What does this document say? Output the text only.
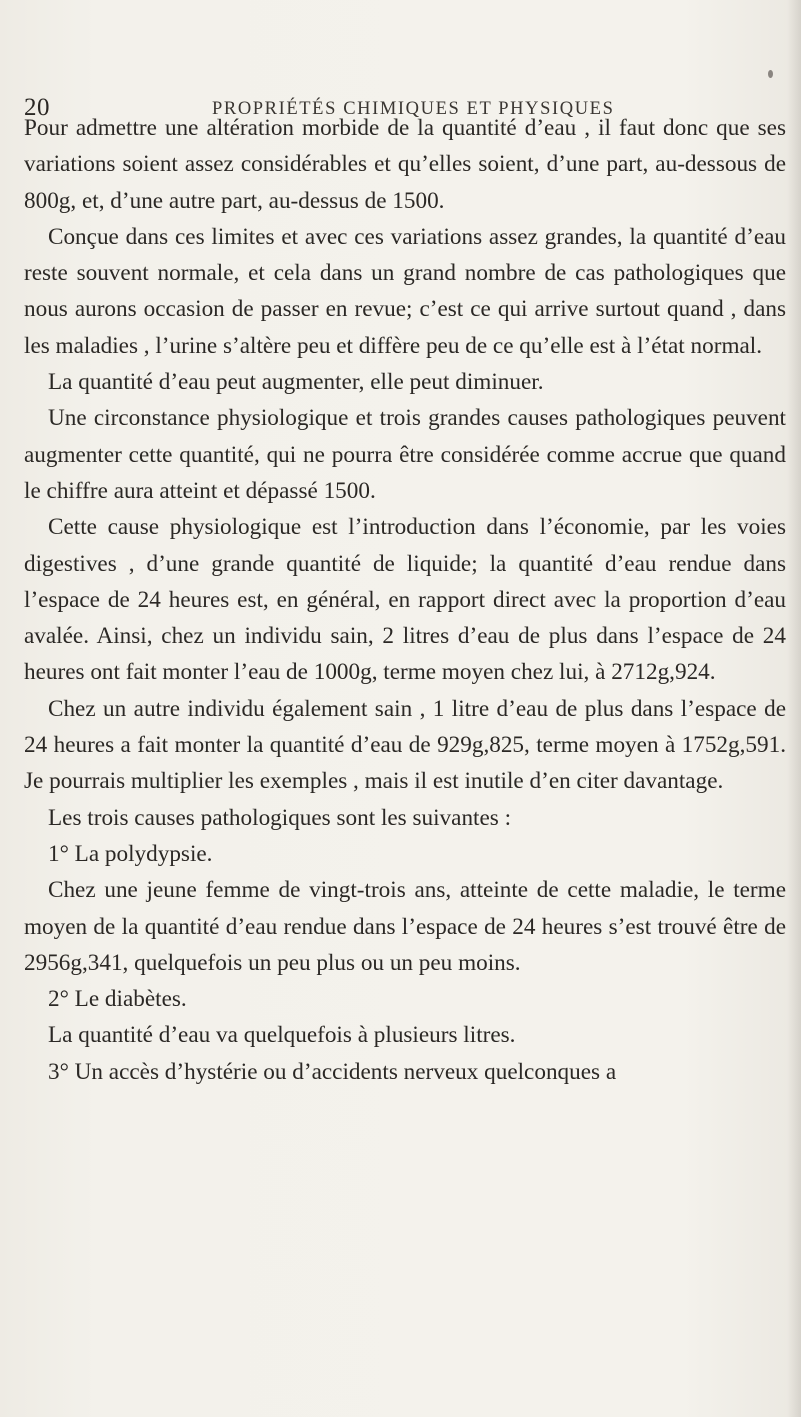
20	PROPRIÉTÉS CHIMIQUES ET PHYSIQUES

Pour admettre une altération morbide de la quantité d’eau , il faut donc que ses variations soient assez considérables et qu’elles soient, d’une part, au-dessous de 800g, et, d’une autre part, au-dessus de 1500.

Conçue dans ces limites et avec ces variations assez grandes, la quantité d’eau reste souvent normale, et cela dans un grand nombre de cas pathologiques que nous aurons occasion de passer en revue; c’est ce qui arrive surtout quand , dans les maladies , l’urine s’altère peu et diffère peu de ce qu’elle est à l’état normal.

La quantité d’eau peut augmenter, elle peut diminuer.

Une circonstance physiologique et trois grandes causes pathologiques peuvent augmenter cette quantité, qui ne pourra être considérée comme accrue que quand le chiffre aura atteint et dépassé 1500.

Cette cause physiologique est l’introduction dans l’économie, par les voies digestives , d’une grande quantité de liquide; la quantité d’eau rendue dans l’espace de 24 heures est, en général, en rapport direct avec la proportion d’eau avalée. Ainsi, chez un individu sain, 2 litres d’eau de plus dans l’espace de 24 heures ont fait monter l’eau de 1000g, terme moyen chez lui, à 2712g,924.

Chez un autre individu également sain , 1 litre d’eau de plus dans l’espace de 24 heures a fait monter la quantité d’eau de 929g,825, terme moyen à 1752g,591. Je pourrais multiplier les exemples , mais il est inutile d’en citer davantage.

Les trois causes pathologiques sont les suivantes :

1° La polydypsie.

Chez une jeune femme de vingt-trois ans, atteinte de cette maladie, le terme moyen de la quantité d’eau rendue dans l’espace de 24 heures s’est trouvé être de 2956g,341, quelquefois un peu plus ou un peu moins.

2° Le diabètes.

La quantité d’eau va quelquefois à plusieurs litres.

3° Un accès d’hystérie ou d’accidents nerveux quelconques a
